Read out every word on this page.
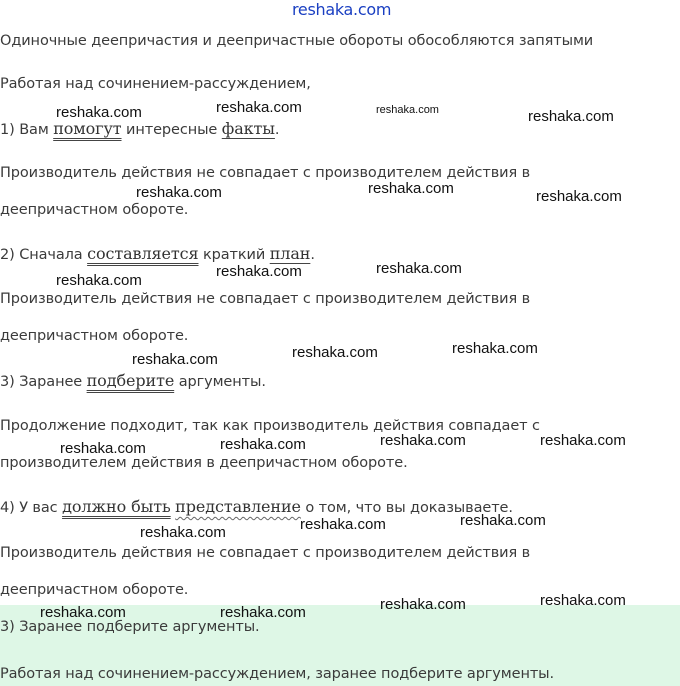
reshaka.com
Одиночные деепричастия и деепричастные обороты обособляются запятыми
Работая над сочинением-рассуждением,
1) Вам помогут интересные факты.
Производитель действия не совпадает с производителем действия в
деепричастном обороте.
2) Сначала составляется краткий план.
Производитель действия не совпадает с производителем действия в
деепричастном обороте.
3) Заранее подберите аргументы.
Продолжение подходит, так как производитель действия совпадает с
производителем действия в деепричастном обороте.
4) У вас должно быть представление о том, что вы доказываете.
Производитель действия не совпадает с производителем действия в
деепричастном обороте.
3) Заранее подберите аргументы.
Работая над сочинением-рассуждением, заранее подберите аргументы.
reshaka.com	reshaka.com	reshaka.com	reshaka.com
reshaka.com	reshaka.com	reshaka.com
reshaka.com
reshaka.com	reshaka.com
reshaka.com	reshaka.com	reshaka.com
reshaka.com	reshaka.com	reshaka.com	reshaka.com
reshaka.com	reshaka.com	reshaka.com
reshaka.com	reshaka.com	reshaka.com	reshaka.com
